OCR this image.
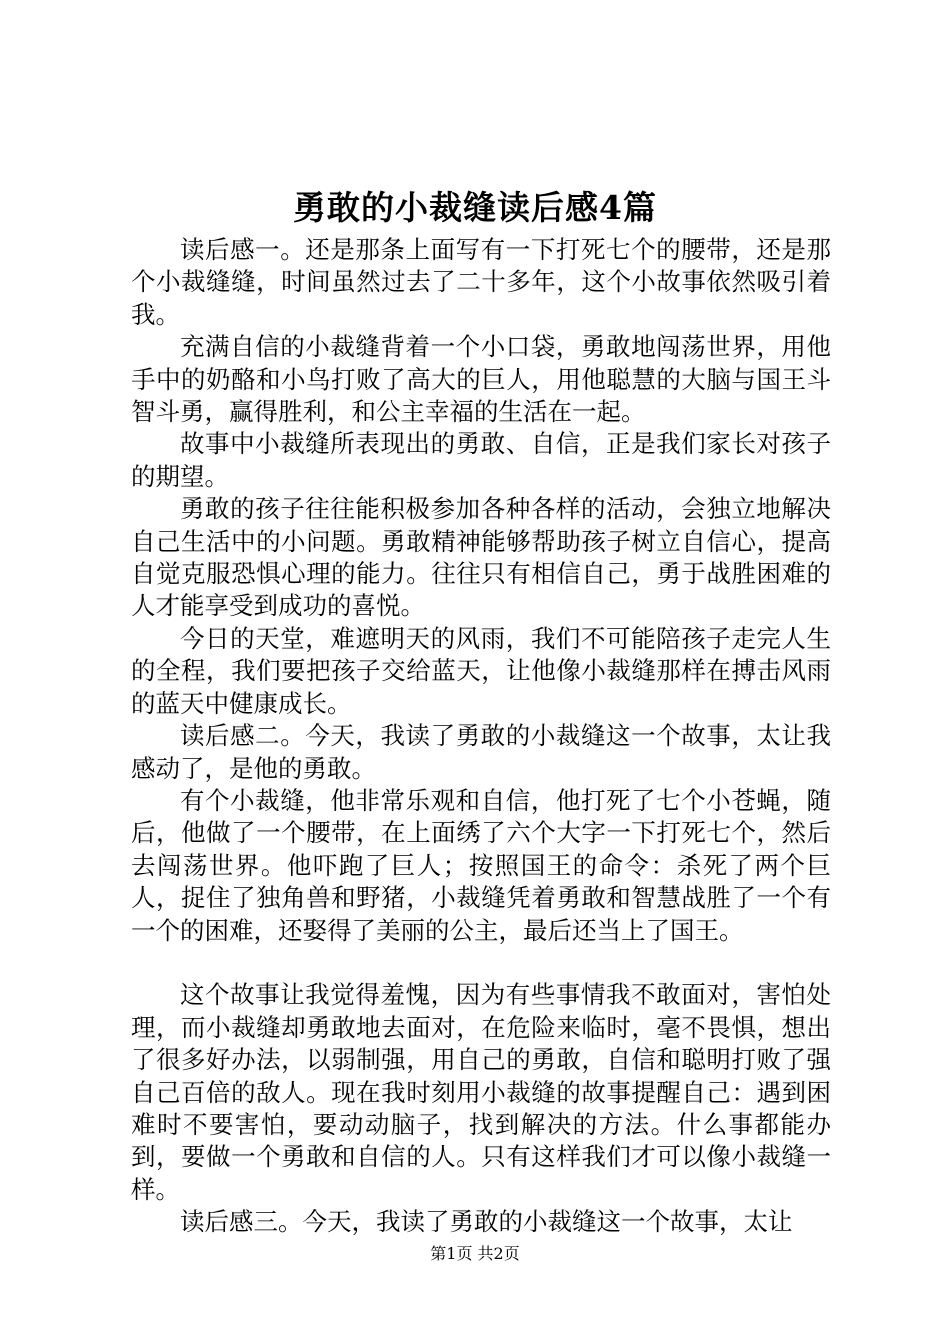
勇敢的小裁缝读后感4篇

读后感一。还是那条上面写有一下打死七个的腰带，还是那个小裁缝缝，时间虽然过去了二十多年，这个小故事依然吸引着我。

充满自信的小裁缝背着一个小口袋，勇敢地闯荡世界，用他手中的奶酪和小鸟打败了高大的巨人，用他聪慧的大脑与国王斗智斗勇，赢得胜利，和公主幸福的生活在一起。

故事中小裁缝所表现出的勇敢、自信，正是我们家长对孩子的期望。

勇敢的孩子往往能积极参加各种各样的活动，会独立地解决自己生活中的小问题。勇敢精神能够帮助孩子树立自信心，提高自觉克服恐惧心理的能力。往往只有相信自己，勇于战胜困难的人才能享受到成功的喜悦。

今日的天堂，难遮明天的风雨，我们不可能陪孩子走完人生的全程，我们要把孩子交给蓝天，让他像小裁缝那样在搏击风雨的蓝天中健康成长。

读后感二。今天，我读了勇敢的小裁缝这一个故事，太让我感动了，是他的勇敢。

有个小裁缝，他非常乐观和自信，他打死了七个小苍蝇，随后，他做了一个腰带，在上面绣了六个大字一下打死七个，然后去闯荡世界。他吓跑了巨人；按照国王的命令：杀死了两个巨人，捉住了独角兽和野猪，小裁缝凭着勇敢和智慧战胜了一个有一个的困难，还娶得了美丽的公主，最后还当上了国王。

这个故事让我觉得羞愧，因为有些事情我不敢面对，害怕处理，而小裁缝却勇敢地去面对，在危险来临时，毫不畏惧，想出了很多好办法，以弱制强，用自己的勇敢，自信和聪明打败了强自己百倍的敌人。现在我时刻用小裁缝的故事提醒自己：遇到困难时不要害怕，要动动脑子，找到解决的方法。什么事都能办到，要做一个勇敢和自信的人。只有这样我们才可以像小裁缝一样。

读后感三。今天，我读了勇敢的小裁缝这一个故事，太让

第1页 共2页
